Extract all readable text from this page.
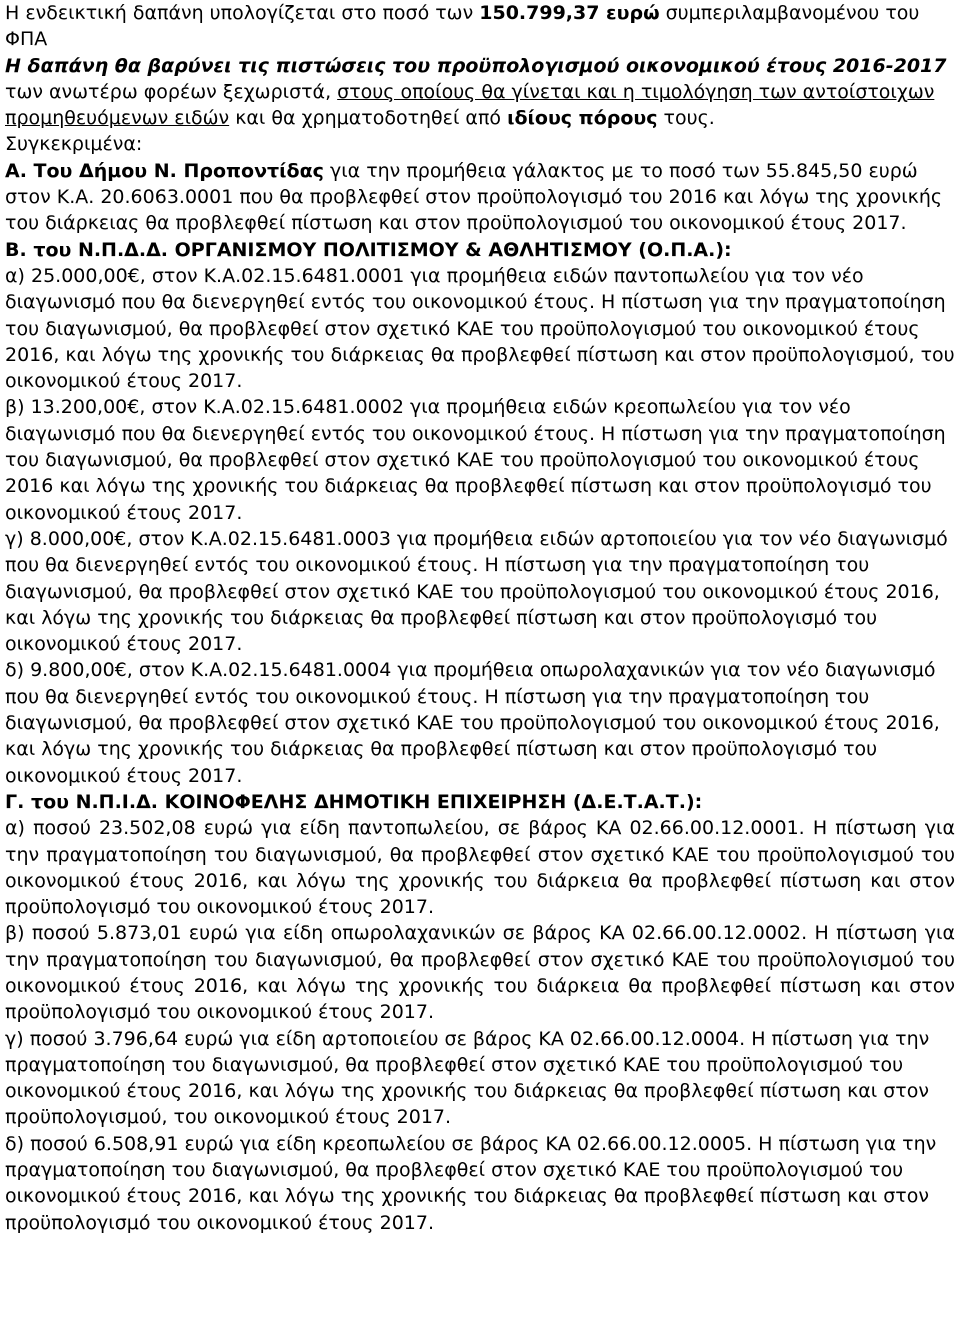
Η ενδεικτική δαπάνη υπολογίζεται στο ποσό των 150.799,37 ευρώ συμπεριλαμβανομένου του ΦΠΑ

Η δαπάνη θα βαρύνει τις πιστώσεις του προϋπολογισμού οικονομικού έτους 2016-2017 των ανωτέρω φορέων ξεχωριστά, στους οποίους θα γίνεται και η τιμολόγηση των αντοίστοιχων προμηθευόμενων ειδών και θα χρηματοδοτηθεί από ιδίους πόρους τους.

Συγκεκριμένα:

Α. Του Δήμου Ν. Προποντίδας για την προμήθεια γάλακτος με το ποσό των 55.845,50 ευρώ στον Κ.Α. 20.6063.0001 που θα προβλεφθεί στον προϋπολογισμό του 2016 και λόγω της χρονικής του διάρκειας θα προβλεφθεί πίστωση και στον προϋπολογισμού του οικονομικού έτους 2017.

Β. του Ν.Π.Δ.Δ. ΟΡΓΑΝΙΣΜΟΥ ΠΟΛΙΤΙΣΜΟΥ & ΑΘΛΗΤΙΣΜΟΥ (Ο.Π.Α.):

α) 25.000,00€, στον Κ.Α.02.15.6481.0001 για προμήθεια ειδών παντοπωλείου για τον νέο διαγωνισμό που θα διενεργηθεί εντός του οικονομικού έτους. Η πίστωση για την πραγματοποίηση του διαγωνισμού, θα προβλεφθεί στον σχετικό ΚΑΕ του προϋπολογισμού του οικονομικού έτους 2016, και λόγω της χρονικής του διάρκειας θα προβλεφθεί πίστωση και στον προϋπολογισμού, του οικονομικού έτους 2017.

β) 13.200,00€, στον Κ.Α.02.15.6481.0002 για προμήθεια ειδών κρεοπωλείου για τον νέο διαγωνισμό που θα διενεργηθεί εντός του οικονομικού έτους. Η πίστωση για την πραγματοποίηση του διαγωνισμού, θα προβλεφθεί στον σχετικό ΚΑΕ του προϋπολογισμού του οικονομικού έτους 2016 και λόγω της χρονικής του διάρκειας θα προβλεφθεί πίστωση και στον προϋπολογισμό του οικονομικού έτους 2017.

γ) 8.000,00€, στον Κ.Α.02.15.6481.0003 για προμήθεια ειδών αρτοποιείου για τον νέο διαγωνισμό που θα διενεργηθεί εντός του οικονομικού έτους. Η πίστωση για την πραγματοποίηση του διαγωνισμού, θα προβλεφθεί στον σχετικό ΚΑΕ του προϋπολογισμού του οικονομικού έτους 2016, και λόγω της χρονικής του διάρκειας θα προβλεφθεί πίστωση και στον προϋπολογισμό του οικονομικού έτους 2017.

δ) 9.800,00€, στον Κ.Α.02.15.6481.0004 για προμήθεια οπωρολαχανικών για τον νέο διαγωνισμό που θα διενεργηθεί εντός του οικονομικού έτους. Η πίστωση για την πραγματοποίηση του διαγωνισμού, θα προβλεφθεί στον σχετικό ΚΑΕ του προϋπολογισμού του οικονομικού έτους 2016, και λόγω της χρονικής του διάρκειας θα προβλεφθεί πίστωση και στον προϋπολογισμό του οικονομικού έτους 2017.

Γ. του Ν.Π.Ι.Δ. ΚΟΙΝΟΦΕΛΗΣ ΔΗΜΟΤΙΚΗ ΕΠΙΧΕΙΡΗΣΗ (Δ.Ε.Τ.Α.Τ.):

α) ποσού 23.502,08 ευρώ για είδη παντοπωλείου, σε βάρος ΚΑ 02.66.00.12.0001. Η πίστωση για την πραγματοποίηση του διαγωνισμού, θα προβλεφθεί στον σχετικό ΚΑΕ του προϋπολογισμού του οικονομικού έτους 2016, και λόγω της χρονικής του διάρκεια θα προβλεφθεί πίστωση και στον προϋπολογισμό του οικονομικού έτους 2017.

β) ποσού 5.873,01 ευρώ για είδη οπωρολαχανικών σε βάρος ΚΑ 02.66.00.12.0002. Η πίστωση για την πραγματοποίηση του διαγωνισμού, θα προβλεφθεί στον σχετικό ΚΑΕ του προϋπολογισμού του οικονομικού έτους 2016, και λόγω της χρονικής του διάρκεια θα προβλεφθεί πίστωση και στον προϋπολογισμό του οικονομικού έτους 2017.

γ) ποσού 3.796,64 ευρώ για είδη αρτοποιείου σε βάρος ΚΑ 02.66.00.12.0004. Η πίστωση για την πραγματοποίηση του διαγωνισμού, θα προβλεφθεί στον σχετικό ΚΑΕ του προϋπολογισμού του οικονομικού έτους 2016, και λόγω της χρονικής του διάρκειας θα προβλεφθεί πίστωση και στον προϋπολογισμού, του οικονομικού έτους 2017.

δ) ποσού 6.508,91 ευρώ για είδη κρεοπωλείου σε βάρος ΚΑ 02.66.00.12.0005. Η πίστωση για την πραγματοποίηση του διαγωνισμού, θα προβλεφθεί στον σχετικό ΚΑΕ του προϋπολογισμού του οικονομικού έτους 2016, και λόγω της χρονικής του διάρκειας θα προβλεφθεί πίστωση και στον προϋπολογισμό του οικονομικού έτους 2017.
